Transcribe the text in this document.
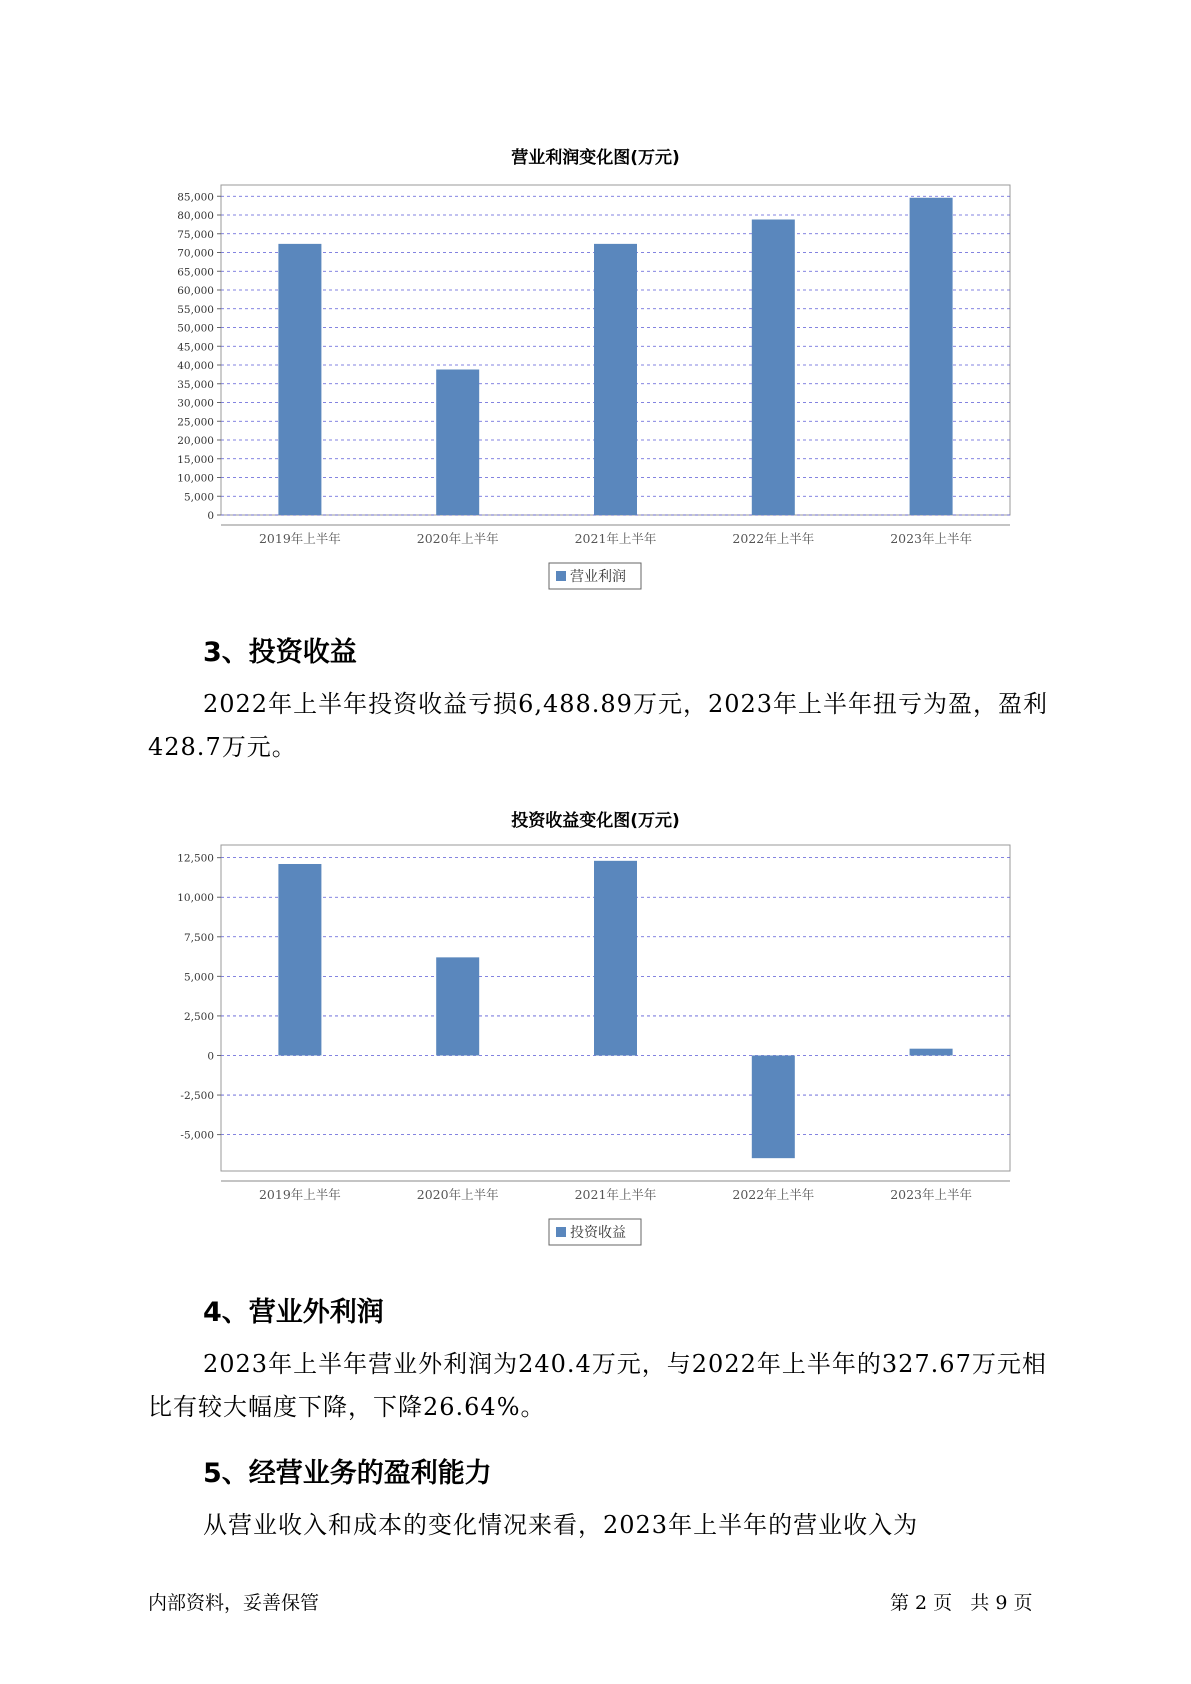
营业利润变化图(万元)
0
5,000
10,000
15,000
20,000
25,000
30,000
35,000
40,000
45,000
50,000
55,000
60,000
65,000
70,000
75,000
80,000
85,000
2019年上半年	2020年上半年	2021年上半年	2022年上半年	2023年上半年
营业利润
3、投资收益
2022年上半年投资收益亏损6,488.89万元，2023年上半年扭亏为盈，盈利428.7万元。
投资收益变化图(万元)
-5,000
-2,500
0
2,500
5,000
7,500
10,000
12,500
2019年上半年	2020年上半年	2021年上半年	2022年上半年	2023年上半年
投资收益
4、营业外利润
2023年上半年营业外利润为240.4万元，与2022年上半年的327.67万元相比有较大幅度下降，下降26.64%。
5、经营业务的盈利能力
从营业收入和成本的变化情况来看，2023年上半年的营业收入为
内部资料，妥善保管	第 2 页   共 9 页
